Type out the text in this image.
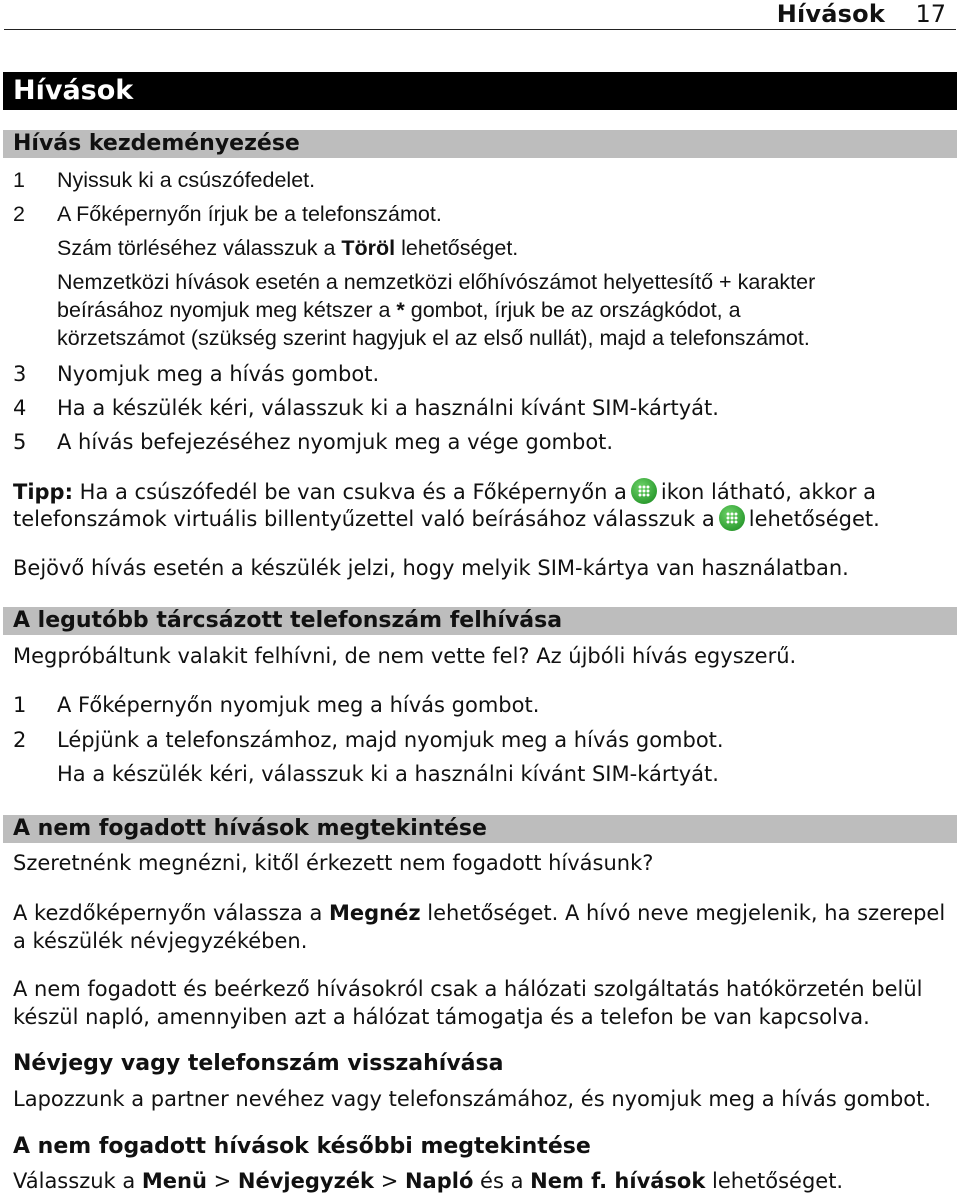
Hívások 17
Hívások
Hívás kezdeményezése
1	Nyissuk ki a csúszófedelet.
2	A Főképernyőn írjuk be a telefonszámot.
Szám törléséhez válasszuk a Töröl lehetőséget.
Nemzetközi hívások esetén a nemzetközi előhívószámot helyettesítő + karakter
beírásához nyomjuk meg kétszer a * gombot, írjuk be az országkódot, a
körzetszámot (szükség szerint hagyjuk el az első nullát), majd a telefonszámot.
3	Nyomjuk meg a hívás gombot.
4	Ha a készülék kéri, válasszuk ki a használni kívánt SIM-kártyát.
5	A hívás befejezéséhez nyomjuk meg a vége gombot.
Tipp: Ha a csúszófedél be van csukva és a Főképernyőn a ikon látható, akkor a
telefonszámok virtuális billentyűzettel való beírásához válasszuk a lehetőséget.
Bejövő hívás esetén a készülék jelzi, hogy melyik SIM-kártya van használatban.
A legutóbb tárcsázott telefonszám felhívása
Megpróbáltunk valakit felhívni, de nem vette fel? Az újbóli hívás egyszerű.
1	A Főképernyőn nyomjuk meg a hívás gombot.
2	Lépjünk a telefonszámhoz, majd nyomjuk meg a hívás gombot.
Ha a készülék kéri, válasszuk ki a használni kívánt SIM-kártyát.
A nem fogadott hívások megtekintése
Szeretnénk megnézni, kitől érkezett nem fogadott hívásunk?
A kezdőképernyőn válassza a Megnéz lehetőséget. A hívó neve megjelenik, ha szerepel
a készülék névjegyzékében.
A nem fogadott és beérkező hívásokról csak a hálózati szolgáltatás hatókörzetén belül
készül napló, amennyiben azt a hálózat támogatja és a telefon be van kapcsolva.
Névjegy vagy telefonszám visszahívása
Lapozzunk a partner nevéhez vagy telefonszámához, és nyomjuk meg a hívás gombot.
A nem fogadott hívások későbbi megtekintése
Válasszuk a Menü > Névjegyzék > Napló és a Nem f. hívások lehetőséget.
